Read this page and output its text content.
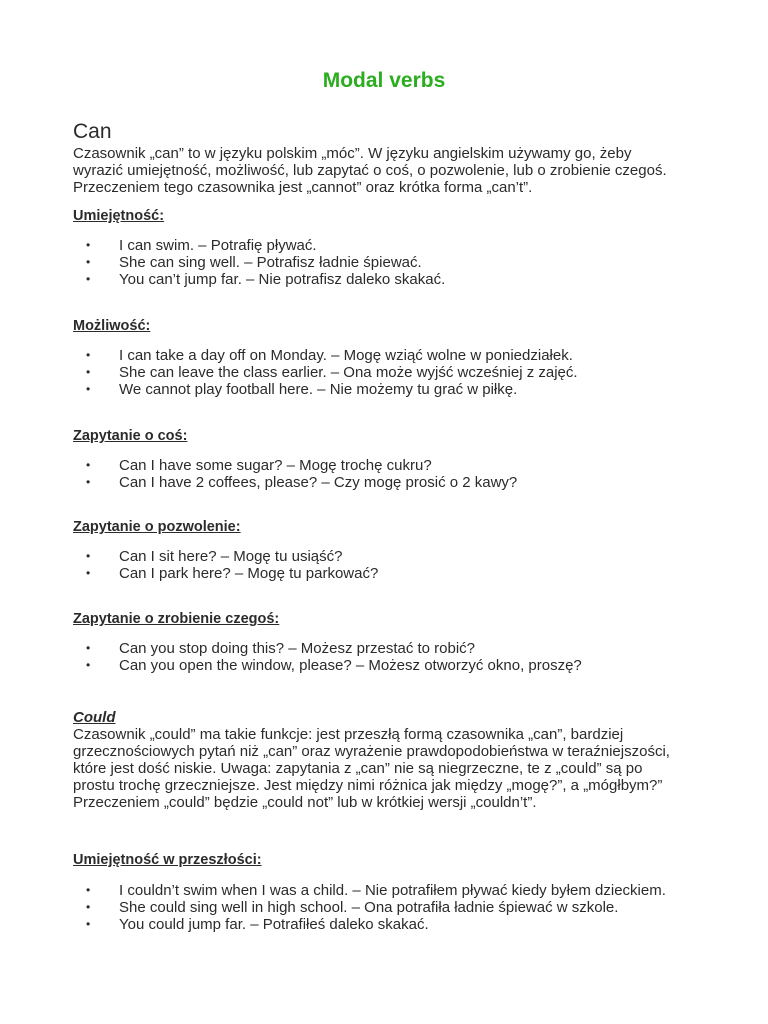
Modal verbs
Can
Czasownik „can” to w języku polskim „móc”. W języku angielskim używamy go, żeby
wyrazić umiejętność, możliwość, lub zapytać o coś, o pozwolenie, lub o zrobienie czegoś.
Przeczeniem tego czasownika jest „cannot” oraz krótka forma „can’t”.
Umiejętność:
• I can swim. – Potrafię pływać.
• She can sing well. – Potrafisz ładnie śpiewać.
• You can’t jump far. – Nie potrafisz daleko skakać.
Możliwość:
• I can take a day off on Monday. – Mogę wziąć wolne w poniedziałek.
• She can leave the class earlier. – Ona może wyjść wcześniej z zajęć.
• We cannot play football here. – Nie możemy tu grać w piłkę.
Zapytanie o coś:
• Can I have some sugar? – Mogę trochę cukru?
• Can I have 2 coffees, please? – Czy mogę prosić o 2 kawy?
Zapytanie o pozwolenie:
• Can I sit here? – Mogę tu usiąść?
• Can I park here? – Mogę tu parkować?
Zapytanie o zrobienie czegoś:
• Can you stop doing this? – Możesz przestać to robić?
• Can you open the window, please? – Możesz otworzyć okno, proszę?
Could
Czasownik „could” ma takie funkcje: jest przeszłą formą czasownika „can”, bardziej
grzecznościowych pytań niż „can” oraz wyrażenie prawdopodobieństwa w teraźniejszości,
które jest dość niskie. Uwaga: zapytania z „can” nie są niegrzeczne, te z „could” są po
prostu trochę grzeczniejsze. Jest między nimi różnica jak między „mogę?”, a „mógłbym?”
Przeczeniem „could” będzie „could not” lub w krótkiej wersji „couldn’t”.
Umiejętność w przeszłości:
• I couldn’t swim when I was a child. – Nie potrafiłem pływać kiedy byłem dzieckiem.
• She could sing well in high school. – Ona potrafiła ładnie śpiewać w szkole.
• You could jump far. – Potrafiłeś daleko skakać.
